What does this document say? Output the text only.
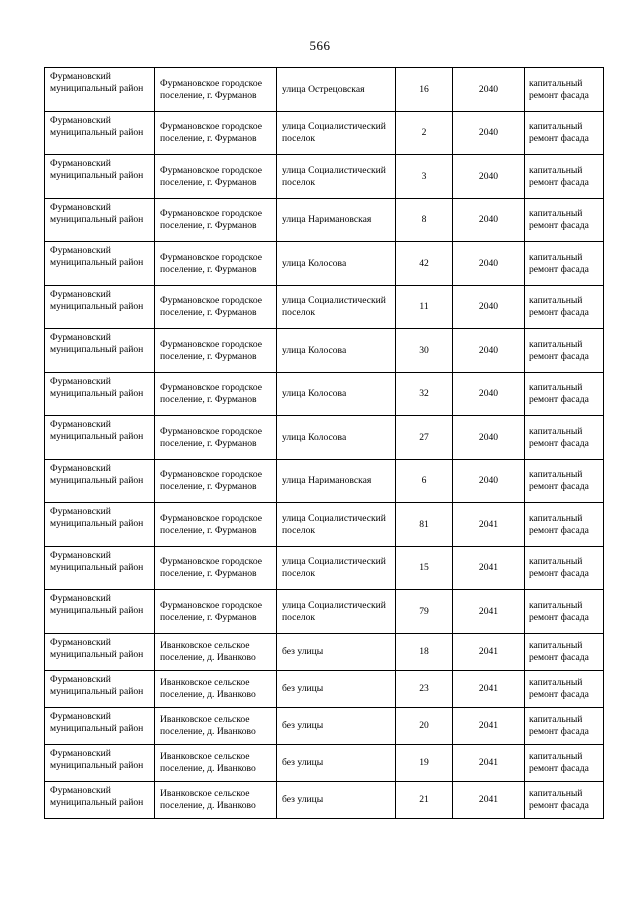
566
Фурмановский муниципальный район	Фурмановское городское поселение, г. Фурманов	улица Острецовская	16	2040	капитальный ремонт фасада
Фурмановский муниципальный район	Фурмановское городское поселение, г. Фурманов	улица Социалистический поселок	2	2040	капитальный ремонт фасада
Фурмановский муниципальный район	Фурмановское городское поселение, г. Фурманов	улица Социалистический поселок	3	2040	капитальный ремонт фасада
Фурмановский муниципальный район	Фурмановское городское поселение, г. Фурманов	улица Наримановская	8	2040	капитальный ремонт фасада
Фурмановский муниципальный район	Фурмановское городское поселение, г. Фурманов	улица Колосова	42	2040	капитальный ремонт фасада
Фурмановский муниципальный район	Фурмановское городское поселение, г. Фурманов	улица Социалистический поселок	11	2040	капитальный ремонт фасада
Фурмановский муниципальный район	Фурмановское городское поселение, г. Фурманов	улица Колосова	30	2040	капитальный ремонт фасада
Фурмановский муниципальный район	Фурмановское городское поселение, г. Фурманов	улица Колосова	32	2040	капитальный ремонт фасада
Фурмановский муниципальный район	Фурмановское городское поселение, г. Фурманов	улица Колосова	27	2040	капитальный ремонт фасада
Фурмановский муниципальный район	Фурмановское городское поселение, г. Фурманов	улица Наримановская	6	2040	капитальный ремонт фасада
Фурмановский муниципальный район	Фурмановское городское поселение, г. Фурманов	улица Социалистический поселок	81	2041	капитальный ремонт фасада
Фурмановский муниципальный район	Фурмановское городское поселение, г. Фурманов	улица Социалистический поселок	15	2041	капитальный ремонт фасада
Фурмановский муниципальный район	Фурмановское городское поселение, г. Фурманов	улица Социалистический поселок	79	2041	капитальный ремонт фасада
Фурмановский муниципальный район	Иванковское сельское поселение, д. Иванково	без улицы	18	2041	капитальный ремонт фасада
Фурмановский муниципальный район	Иванковское сельское поселение, д. Иванково	без улицы	23	2041	капитальный ремонт фасада
Фурмановский муниципальный район	Иванковское сельское поселение, д. Иванково	без улицы	20	2041	капитальный ремонт фасада
Фурмановский муниципальный район	Иванковское сельское поселение, д. Иванково	без улицы	19	2041	капитальный ремонт фасада
Фурмановский муниципальный район	Иванковское сельское поселение, д. Иванково	без улицы	21	2041	капитальный ремонт фасада
